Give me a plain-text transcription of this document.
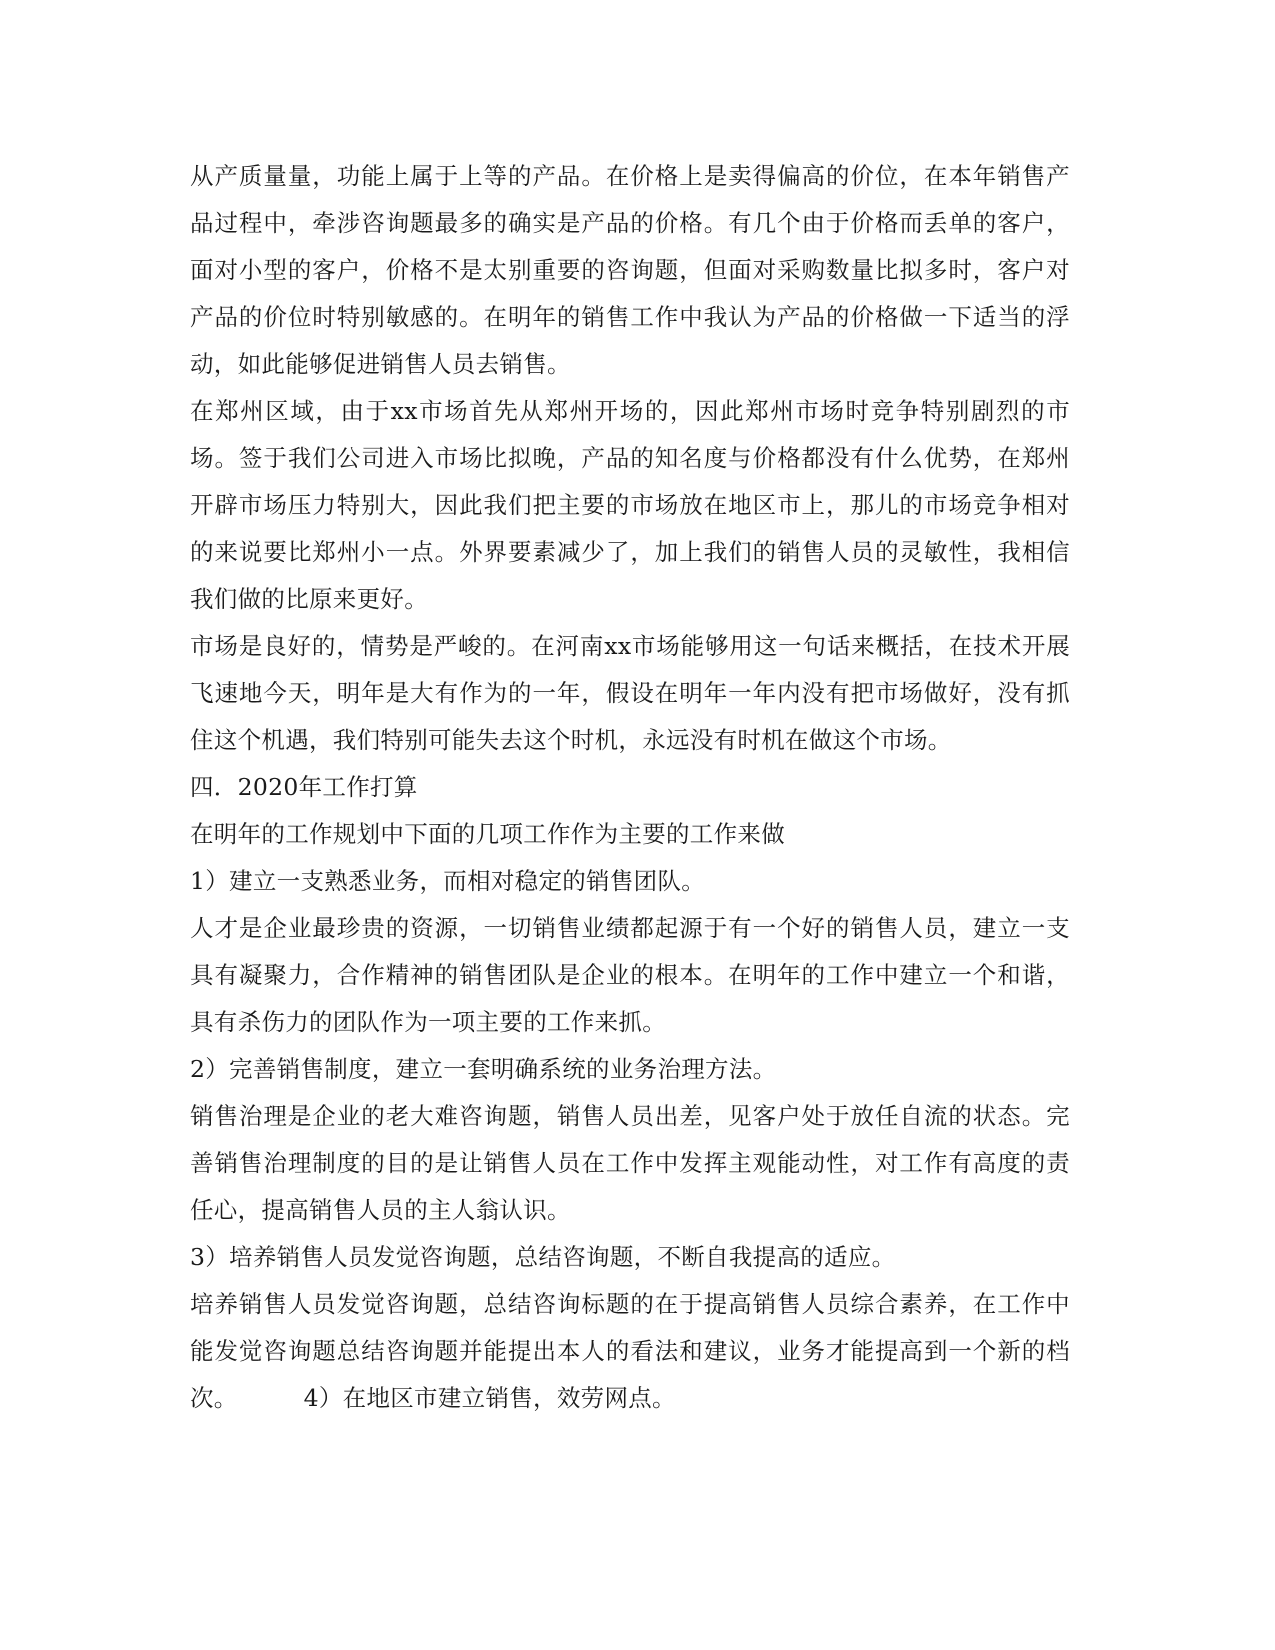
从产质量量，功能上属于上等的产品。在价格上是卖得偏高的价位，在本年销售产品过程中，牵涉咨询题最多的确实是产品的价格。有几个由于价格而丢单的客户，面对小型的客户，价格不是太别重要的咨询题，但面对采购数量比拟多时，客户对产品的价位时特别敏感的。在明年的销售工作中我认为产品的价格做一下适当的浮动，如此能够促进销售人员去销售。

在郑州区域，由于xx市场首先从郑州开场的，因此郑州市场时竞争特别剧烈的市场。签于我们公司进入市场比拟晚，产品的知名度与价格都没有什么优势，在郑州开辟市场压力特别大，因此我们把主要的市场放在地区市上，那儿的市场竞争相对的来说要比郑州小一点。外界要素减少了，加上我们的销售人员的灵敏性，我相信我们做的比原来更好。

市场是良好的，情势是严峻的。在河南xx市场能够用这一句话来概括，在技术开展飞速地今天，明年是大有作为的一年，假设在明年一年内没有把市场做好，没有抓住这个机遇，我们特别可能失去这个时机，永远没有时机在做这个市场。

四．2020年工作打算

在明年的工作规划中下面的几项工作作为主要的工作来做

1）建立一支熟悉业务，而相对稳定的销售团队。

人才是企业最珍贵的资源，一切销售业绩都起源于有一个好的销售人员，建立一支具有凝聚力，合作精神的销售团队是企业的根本。在明年的工作中建立一个和谐，具有杀伤力的团队作为一项主要的工作来抓。

2）完善销售制度，建立一套明确系统的业务治理方法。

销售治理是企业的老大难咨询题，销售人员出差，见客户处于放任自流的状态。完善销售治理制度的目的是让销售人员在工作中发挥主观能动性，对工作有高度的责任心，提高销售人员的主人翁认识。

3）培养销售人员发觉咨询题，总结咨询题，不断自我提高的适应。

培养销售人员发觉咨询题，总结咨询标题的在于提高销售人员综合素养，在工作中能发觉咨询题总结咨询题并能提出本人的看法和建议，业务才能提高到一个新的档次。	4）在地区市建立销售，效劳网点。
